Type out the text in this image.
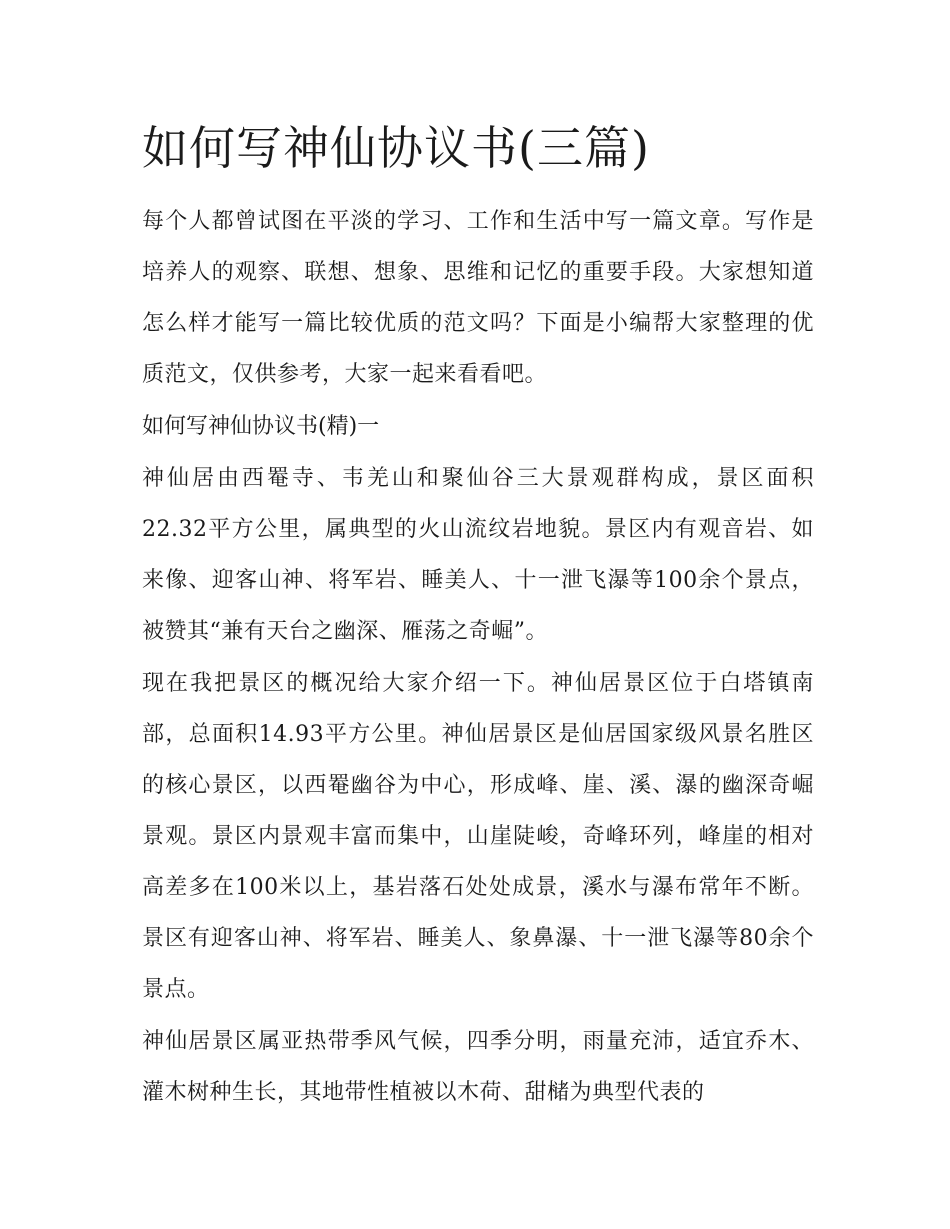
如何写神仙协议书(三篇)

每个人都曾试图在平淡的学习、工作和生活中写一篇文章。写作是培养人的观察、联想、想象、思维和记忆的重要手段。大家想知道怎么样才能写一篇比较优质的范文吗？下面是小编帮大家整理的优质范文，仅供参考，大家一起来看看吧。

如何写神仙协议书(精)一

神仙居由西罨寺、韦羌山和聚仙谷三大景观群构成，景区面积22.32平方公里，属典型的火山流纹岩地貌。景区内有观音岩、如来像、迎客山神、将军岩、睡美人、十一泄飞瀑等100余个景点，被赞其“兼有天台之幽深、雁荡之奇崛”。

现在我把景区的概况给大家介绍一下。神仙居景区位于白塔镇南部，总面积14.93平方公里。神仙居景区是仙居国家级风景名胜区的核心景区，以西罨幽谷为中心，形成峰、崖、溪、瀑的幽深奇崛景观。景区内景观丰富而集中，山崖陡峻，奇峰环列，峰崖的相对高差多在100米以上，基岩落石处处成景，溪水与瀑布常年不断。景区有迎客山神、将军岩、睡美人、象鼻瀑、十一泄飞瀑等80余个景点。

神仙居景区属亚热带季风气候，四季分明，雨量充沛，适宜乔木、灌木树种生长，其地带性植被以木荷、甜槠为典型代表的
